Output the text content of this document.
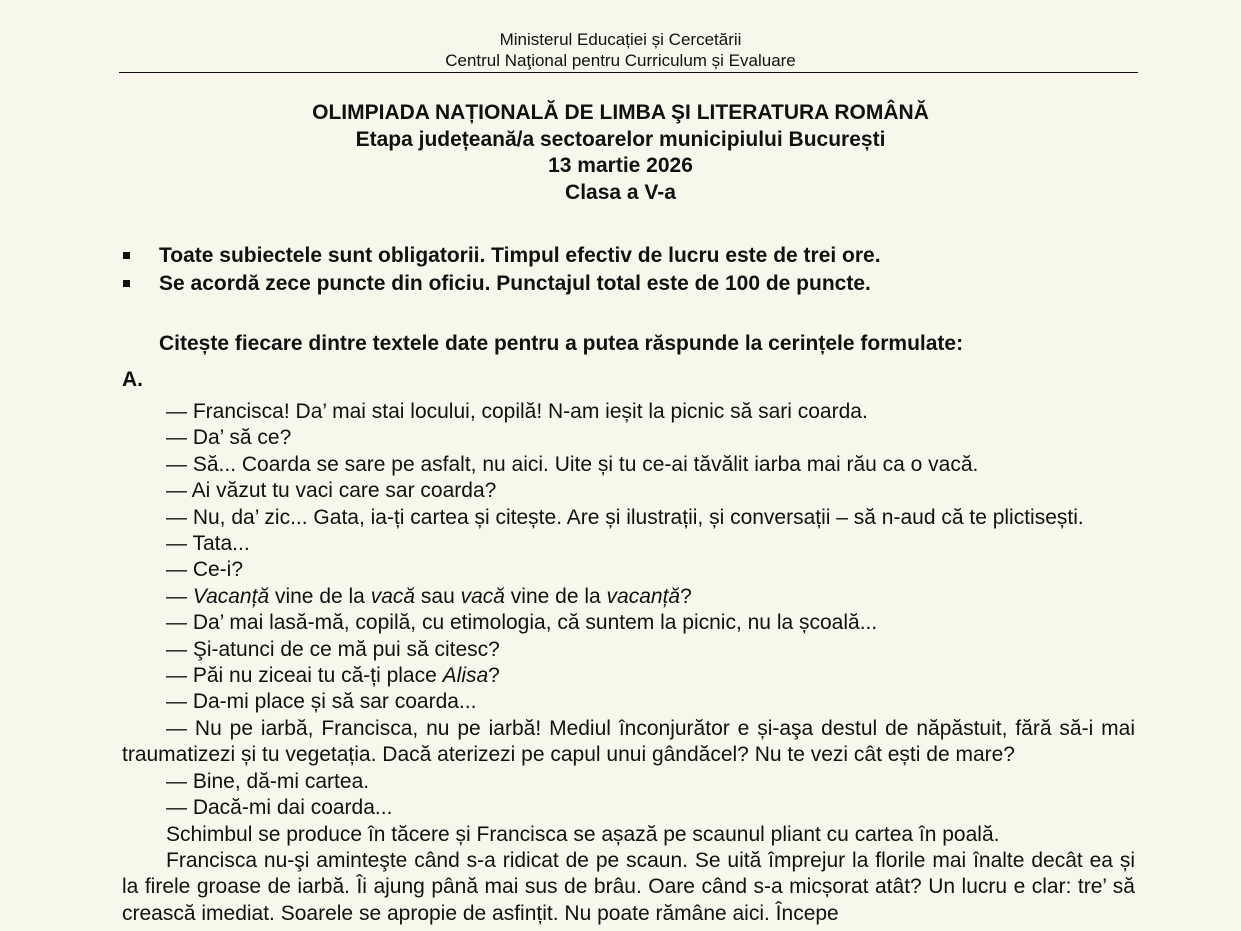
Ministerul Educației și Cercetării
Centrul Naţional pentru Curriculum și Evaluare
OLIMPIADA NAȚIONALĂ DE LIMBA ŞI LITERATURA ROMÂNĂ
Etapa județeană/a sectoarelor municipiului București
13 martie 2026
Clasa a V-a
Toate subiectele sunt obligatorii. Timpul efectiv de lucru este de trei ore.
Se acordă zece puncte din oficiu. Punctajul total este de 100 de puncte.
Citește fiecare dintre textele date pentru a putea răspunde la cerințele formulate:
A.

— Francisca! Da’ mai stai locului, copilă! N-am ieșit la picnic să sari coarda.

— Da’ să ce?

— Să... Coarda se sare pe asfalt, nu aici. Uite și tu ce-ai tăvălit iarba mai rău ca o vacă.

— Ai văzut tu vaci care sar coarda?

— Nu, da’ zic... Gata, ia-ți cartea și citește. Are și ilustrații, și conversații – să n-aud că te plictisești.

— Tata...

— Ce-i?

— Vacanță vine de la vacă sau vacă vine de la vacanță?

— Da’ mai lasă-mă, copilă, cu etimologia, că suntem la picnic, nu la școală...

— Şi-atunci de ce mă pui să citesc?

— Păi nu ziceai tu că-ți place Alisa?

— Da-mi place și să sar coarda...

— Nu pe iarbă, Francisca, nu pe iarbă! Mediul înconjurător e și-aşa destul de năpăstuit, fără să-i mai traumatizezi și tu vegetația. Dacă aterizezi pe capul unui gândăcel? Nu te vezi cât ești de mare?

— Bine, dă-mi cartea.

— Dacă-mi dai coarda...

Schimbul se produce în tăcere și Francisca se așază pe scaunul pliant cu cartea în poală.

Francisca nu-şi aminteşte când s-a ridicat de pe scaun. Se uită împrejur la florile mai înalte decât ea și la firele groase de iarbă. Îi ajung până mai sus de brâu. Oare când s-a micșorat atât? Un lucru e clar: tre’ să crească imediat. Soarele se apropie de asfințit. Nu poate rămâne aici. Începe
